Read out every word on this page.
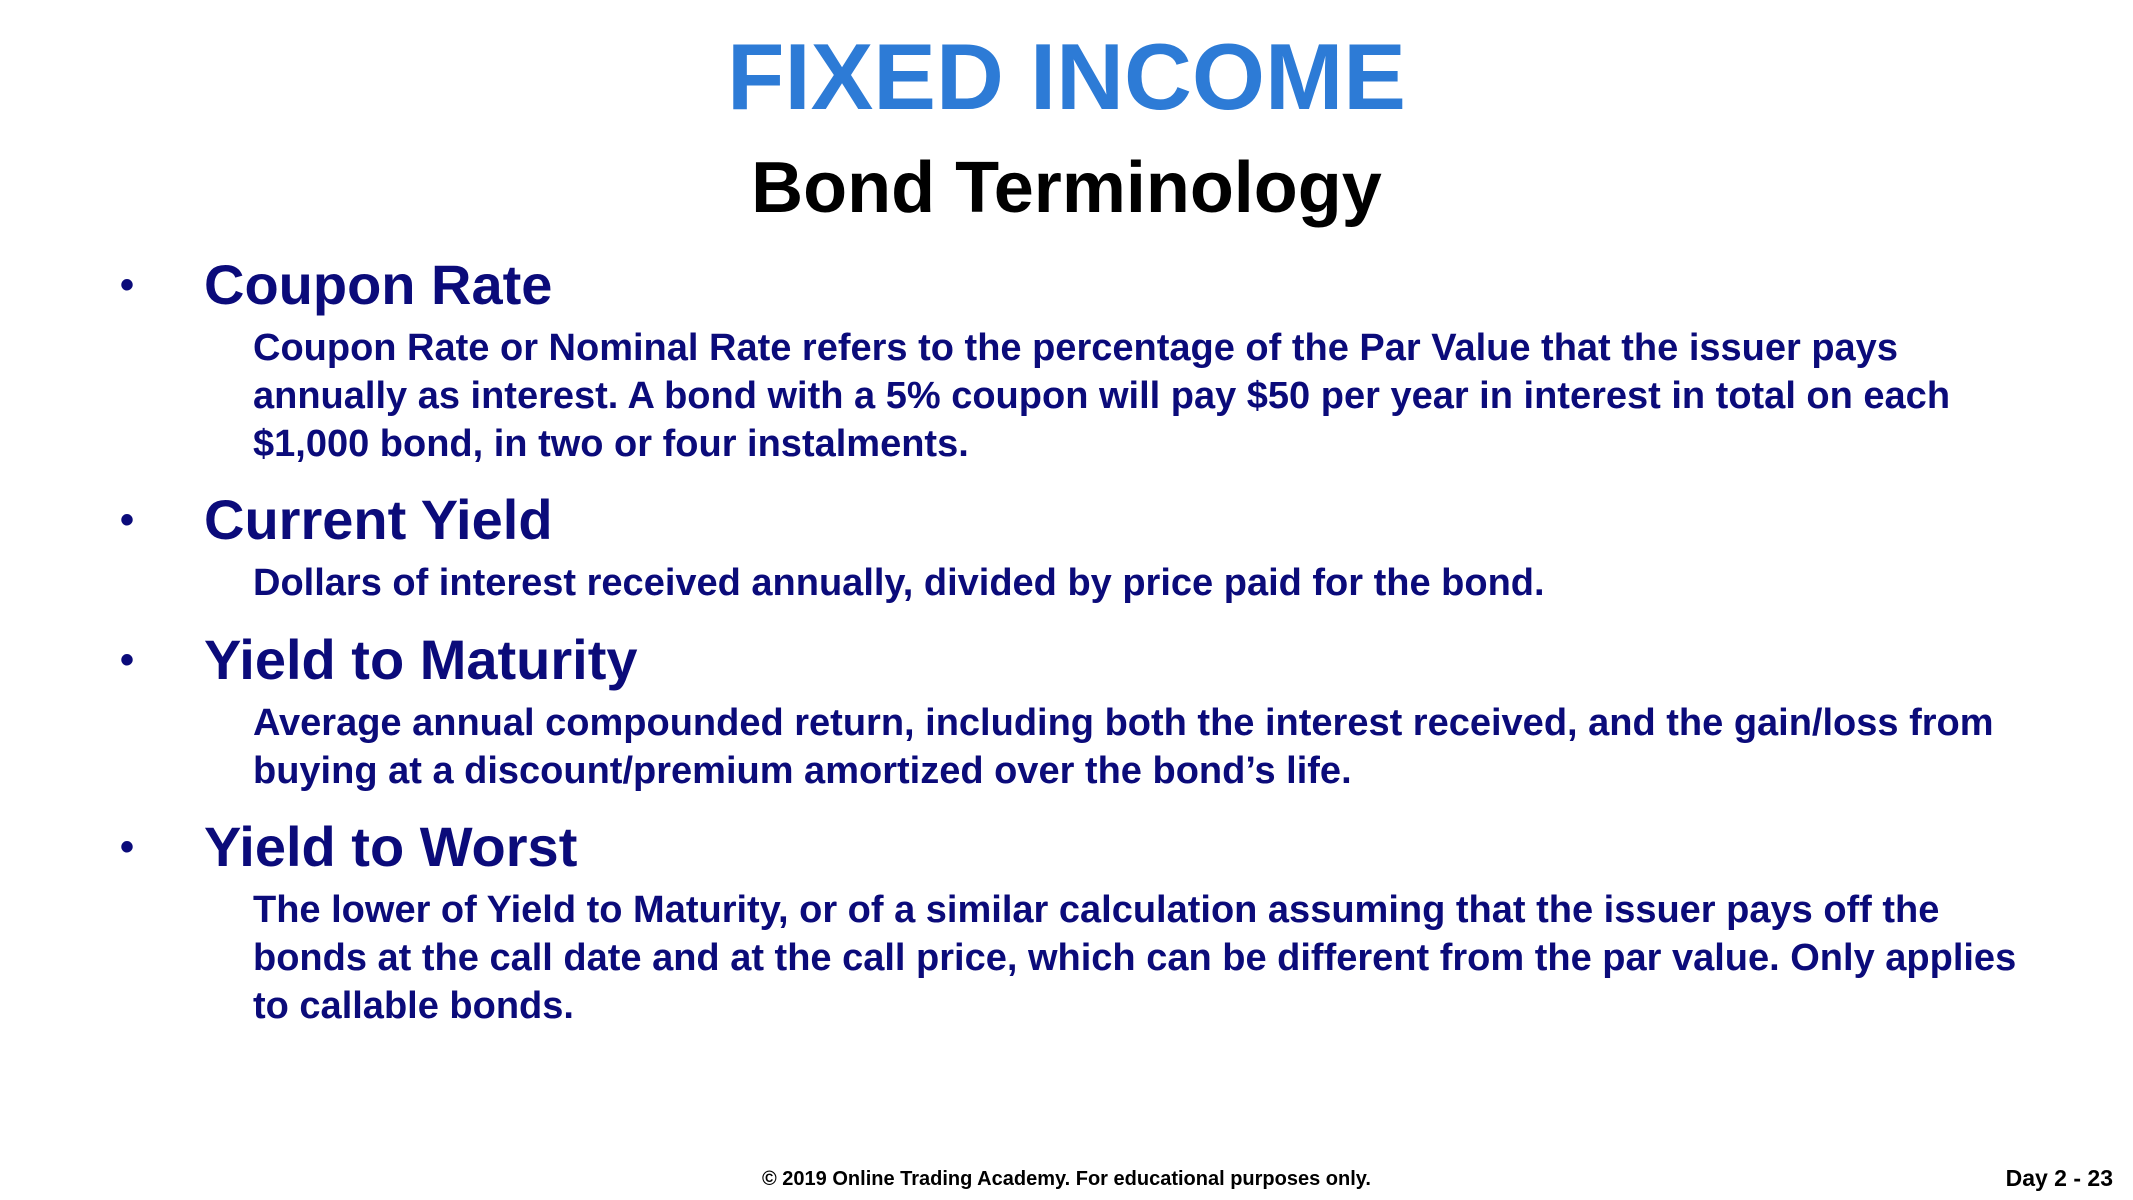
FIXED INCOME
Bond Terminology
•	Coupon Rate
Coupon Rate or Nominal Rate refers to the percentage of the Par Value that the issuer pays annually as interest. A bond with a 5% coupon will pay $50 per year in interest in total on each $1,000 bond, in two or four instalments.
•	Current Yield
Dollars of interest received annually, divided by price paid for the bond.
•	Yield to Maturity
Average annual compounded return, including both the interest received, and the gain/loss from buying at a discount/premium amortized over the bond’s life.
•	Yield to Worst
The lower of Yield to Maturity, or of a similar calculation assuming that the issuer pays off the bonds at the call date and at the call price, which can be different from the par value. Only applies to callable bonds.
© 2019 Online Trading Academy. For educational purposes only.	Day 2 - 23
